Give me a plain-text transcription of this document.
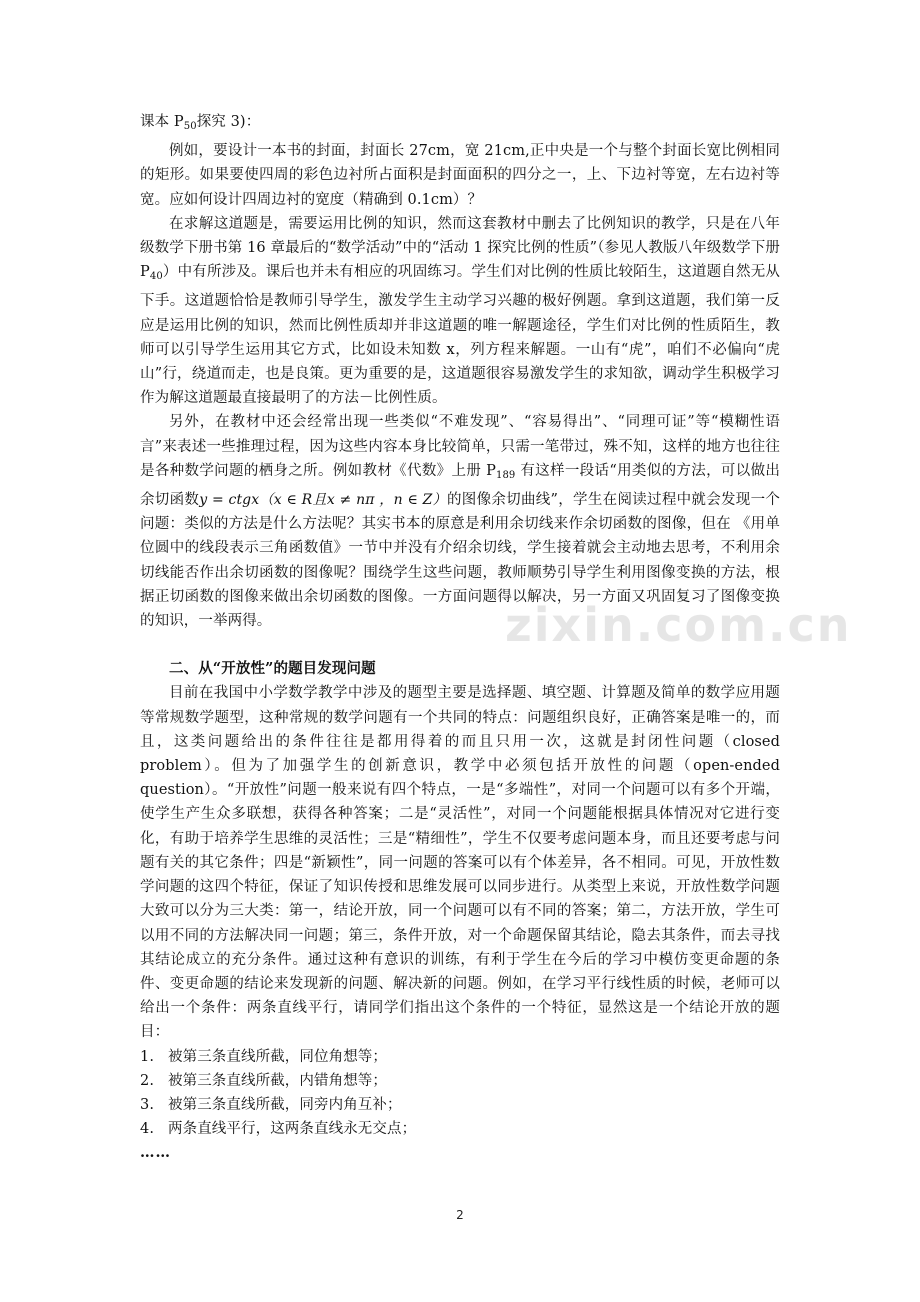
zixin.com.cn

课本 $P_{50}$探究 3)：

例如，要设计一本书的封面，封面长 27cm，宽 21cm,正中央是一个与整个封面长宽比例相同的矩形。如果要使四周的彩色边衬所占面积是封面面积的四分之一，上、下边衬等宽，左右边衬等宽。应如何设计四周边衬的宽度（精确到 0.1cm）？

在求解这道题是，需要运用比例的知识，然而这套教材中删去了比例知识的教学，只是在八年级数学下册书第 16 章最后的“数学活动”中的“活动 1 探究比例的性质”（参见人教版八年级数学下册 $P_{40}$）中有所涉及。课后也并未有相应的巩固练习。学生们对比例的性质比较陌生，这道题自然无从下手。这道题恰恰是教师引导学生，激发学生主动学习兴趣的极好例题。拿到这道题，我们第一反应是运用比例的知识，然而比例性质却并非这道题的唯一解题途径，学生们对比例的性质陌生，教师可以引导学生运用其它方式，比如设未知数 x，列方程来解题。一山有“虎”，咱们不必偏向“虎山”行，绕道而走，也是良策。更为重要的是，这道题很容易激发学生的求知欲，调动学生积极学习作为解这道题最直接最明了的方法－比例性质。

另外，在教材中还会经常出现一些类似“不难发现”、“容易得出”、“同理可证”等“模糊性语言”来表述一些推理过程，因为这些内容本身比较简单，只需一笔带过，殊不知，这样的地方也往往是各种数学问题的栖身之所。例如教材《代数》上册 $P_{189}$ 有这样一段话“用类似的方法，可以做出余切函数y = ctgx（x ∈ R且x ≠ nπ ，n ∈ Z）的图像余切曲线”，学生在阅读过程中就会发现一个问题：类似的方法是什么方法呢？其实书本的原意是利用余切线来作余切函数的图像，但在 《用单位圆中的线段表示三角函数值》一节中并没有介绍余切线，学生接着就会主动地去思考，不利用余切线能否作出余切函数的图像呢？围绕学生这些问题，教师顺势引导学生利用图像变换的方法，根据正切函数的图像来做出余切函数的图像。一方面问题得以解决，另一方面又巩固复习了图像变换的知识，一举两得。

二、从“开放性”的题目发现问题

目前在我国中小学数学教学中涉及的题型主要是选择题、填空题、计算题及简单的数学应用题等常规数学题型，这种常规的数学问题有一个共同的特点：问题组织良好，正确答案是唯一的，而且，这类问题给出的条件往往是都用得着的而且只用一次，这就是封闭性问题（closed problem）。但为了加强学生的创新意识，教学中必须包括开放性的问题（open-ended question）。“开放性”问题一般来说有四个特点，一是“多端性”，对同一个问题可以有多个开端，使学生产生众多联想，获得各种答案；二是“灵活性”，对同一个问题能根据具体情况对它进行变化，有助于培养学生思维的灵活性；三是“精细性”，学生不仅要考虑问题本身，而且还要考虑与问题有关的其它条件；四是“新颖性”，同一问题的答案可以有个体差异，各不相同。可见，开放性数学问题的这四个特征，保证了知识传授和思维发展可以同步进行。从类型上来说，开放性数学问题大致可以分为三大类：第一，结论开放，同一个问题可以有不同的答案；第二，方法开放，学生可以用不同的方法解决同一问题；第三，条件开放，对一个命题保留其结论，隐去其条件，而去寻找其结论成立的充分条件。通过这种有意识的训练，有利于学生在今后的学习中模仿变更命题的条件、变更命题的结论来发现新的问题、解决新的问题。例如，在学习平行线性质的时候，老师可以给出一个条件：两条直线平行，请同学们指出这个条件的一个特征，显然这是一个结论开放的题目：

1. 被第三条直线所截，同位角想等；

2. 被第三条直线所截，内错角想等；

3. 被第三条直线所截，同旁内角互补；

4. 两条直线平行，这两条直线永无交点；

……

2
